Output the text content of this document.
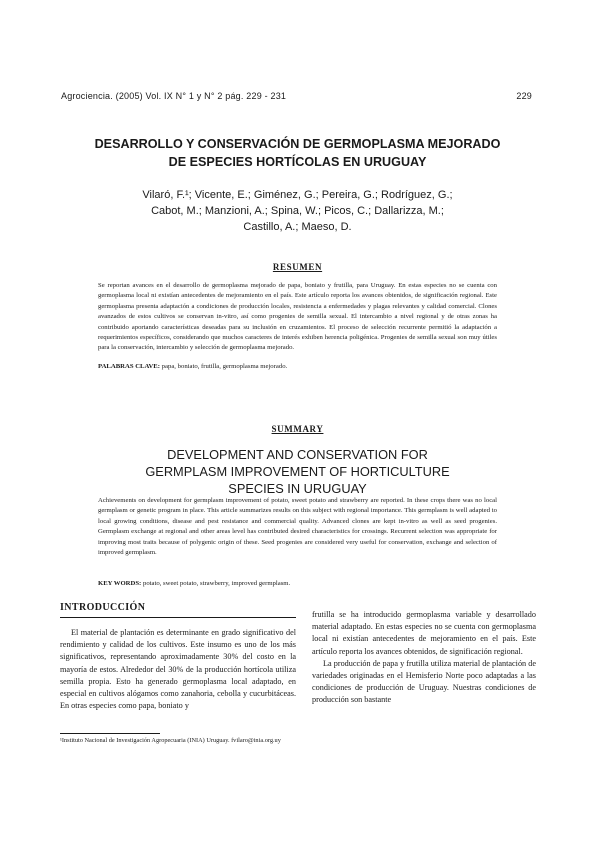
Agrociencia. (2005) Vol. IX N° 1 y N° 2 pág. 229 - 231	229
DESARROLLO Y CONSERVACIÓN DE GERMOPLASMA MEJORADO
DE ESPECIES HORTÍCOLAS EN URUGUAY
Vilaró, F.¹; Vicente, E.; Giménez, G.; Pereira, G.; Rodríguez, G.;
Cabot, M.; Manzioni, A.; Spina, W.; Picos, C.; Dallarizza, M.;
Castillo, A.; Maeso, D.
RESUMEN

Se reportan avances en el desarrollo de germoplasma mejorado de papa, boniato y frutilla, para Uruguay. En estas especies no se cuenta con germoplasma local ni existían antecedentes de mejoramiento en el país. Este artículo reporta los avances obtenidos, de significación regional. Este germoplasma presenta adaptación a condiciones de producción locales, resistencia a enfermedades y plagas relevantes y calidad comercial. Clones avanzados de estos cultivos se conservan in-vitro, así como progenies de semilla sexual. El intercambio a nivel regional y de otras zonas ha contribuido aportando características deseadas para su inclusión en cruzamientos. El proceso de selección recurrente permitió la adaptación a requerimientos específicos, considerando que muchos caracteres de interés exhiben herencia poligénica. Progenies de semilla sexual son muy útiles para la conservación, intercambio y selección de germoplasma mejorado.

PALABRAS CLAVE: papa, boniato, frutilla, germoplasma mejorado.
SUMMARY
DEVELOPMENT AND CONSERVATION FOR
GERMPLASM IMPROVEMENT OF HORTICULTURE
SPECIES IN URUGUAY

Achievements on development for germplasm improvement of potato, sweet potato and strawberry are reported. In these crops there was no local germplasm or genetic program in place. This article summarizes results on this subject with regional importance. This germplasm is well adapted to local growing conditions, disease and pest resistance and commercial quality. Advanced clones are kept in-vitro as well as seed progenies. Germplasm exchange at regional and other areas level has contributed desired characteristics for crossings. Recurrent selection was appropriate for improving most traits because of polygenic origin of these. Seed progenies are considered very useful for conservation, exchange and selection of improved germplasm.

KEY WORDS: potato, sweet potato, strawberry, improved germplasm.
INTRODUCCIÓN

El material de plantación es determinante en grado significativo del rendimiento y calidad de los cultivos. Este insumo es uno de los más significativos, representando aproximadamente 30% del costo en la mayoría de estos. Alrededor del 30% de la producción hortícola utiliza semilla propia. Esto ha generado germoplasma local adaptado, en especial en cultivos alógamos como zanahoria, cebolla y cucurbitáceas. En otras especies como papa, boniato y

frutilla se ha introducido germoplasma variable y desarrollado material adaptado. En estas especies no se cuenta con germoplasma local ni existían antecedentes de mejoramiento en el país. Este artículo reporta los avances obtenidos, de significación regional.

La producción de papa y frutilla utiliza material de plantación de variedades originadas en el Hemisferio Norte poco adaptadas a las condiciones de producción de Uruguay. Nuestras condiciones de producción son bastante

¹Instituto Nacional de Investigación Agropecuaria (INIA) Uruguay. fvilaro@inia.org.uy
